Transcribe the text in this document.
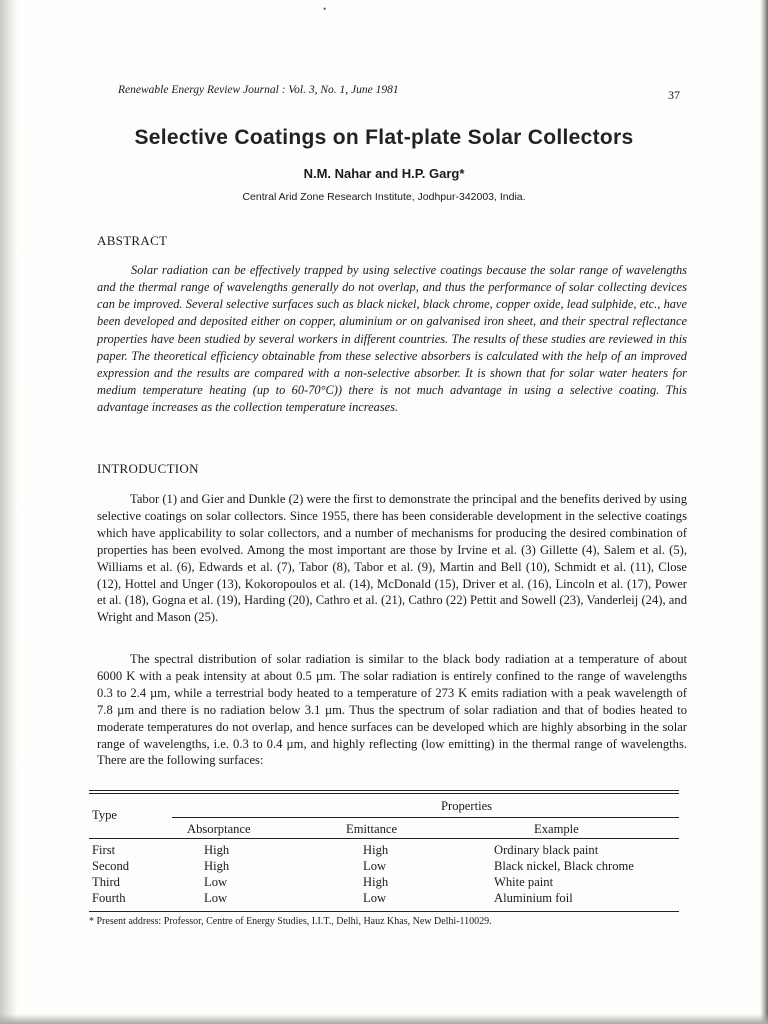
•
Renewable Energy Review Journal : Vol. 3, No. 1, June 1981	37
Selective Coatings on Flat-plate Solar Collectors
N.M. Nahar and H.P. Garg*
Central Arid Zone Research Institute, Jodhpur-342003, India.
ABSTRACT
Solar radiation can be effectively trapped by using selective coatings because the solar range of wavelengths and the thermal range of wavelengths generally do not overlap, and thus the performance of solar collecting devices can be improved. Several selective surfaces such as black nickel, black chrome, copper oxide, lead sulphide, etc., have been developed and deposited either on copper, aluminium or on galvanised iron sheet, and their spectral reflectance properties have been studied by several workers in different countries. The results of these studies are reviewed in this paper. The theoretical efficiency obtainable from these selective absorbers is calculated with the help of an improved expression and the results are compared with a non-selective absorber. It is shown that for solar water heaters for medium temperature heating (up to 60-70°C)) there is not much advantage in using a selective coating. This advantage increases as the collection temperature increases.
INTRODUCTION
Tabor (1) and Gier and Dunkle (2) were the first to demonstrate the principal and the benefits derived by using selective coatings on solar collectors. Since 1955, there has been considerable development in the selective coatings which have applicability to solar collectors, and a number of mechanisms for producing the desired combination of properties has been evolved. Among the most important are those by Irvine et al. (3) Gillette (4), Salem et al. (5), Williams et al. (6), Edwards et al. (7), Tabor (8), Tabor et al. (9), Martin and Bell (10), Schmidt et al. (11), Close (12), Hottel and Unger (13), Kokoropoulos et al. (14), McDonald (15), Driver et al. (16), Lincoln et al. (17), Power et al. (18), Gogna et al. (19), Harding (20), Cathro et al. (21), Cathro (22) Pettit and Sowell (23), Vanderleij (24), and Wright and Mason (25).
The spectral distribution of solar radiation is similar to the black body radiation at a temperature of about 6000 K with a peak intensity at about 0.5 µm. The solar radiation is entirely confined to the range of wavelengths 0.3 to 2.4 µm, while a terrestrial body heated to a temperature of 273 K emits radiation with a peak wavelength of 7.8 µm and there is no radiation below 3.1 µm. Thus the spectrum of solar radiation and that of bodies heated to moderate temperatures do not overlap, and hence surfaces can be developed which are highly absorbing in the solar range of wavelengths, i.e. 0.3 to 0.4 µm, and highly reflecting (low emitting) in the thermal range of wavelengths. There are the following surfaces:
Type
Properties
Absorptance	Emittance	Example
First	High	High	Ordinary black paint
Second	High	Low	Black nickel, Black chrome
Third	Low	High	White paint
Fourth	Low	Low	Aluminium foil
* Present address: Professor, Centre of Energy Studies, I.I.T., Delhi, Hauz Khas, New Delhi-110029.
